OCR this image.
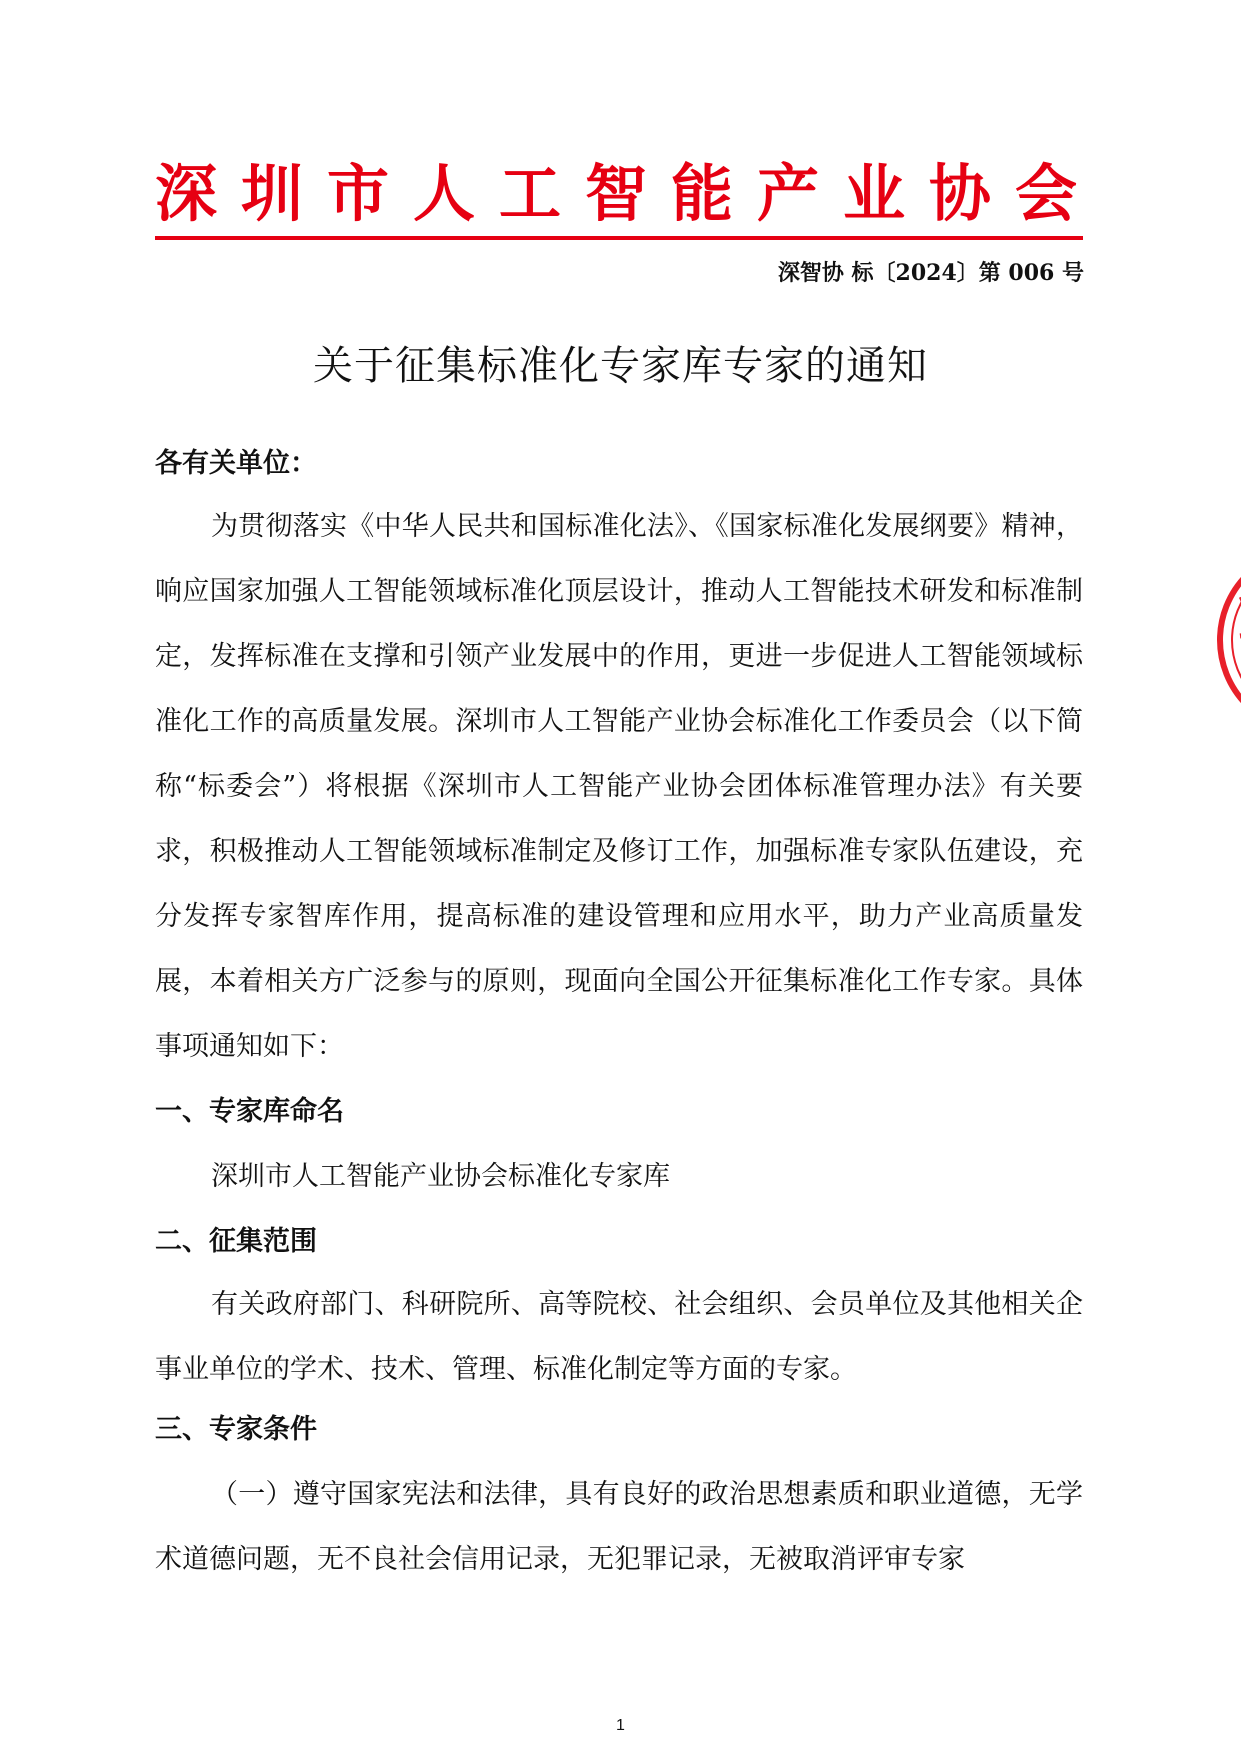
深圳市人工智能产业协会
深智协 标〔2024〕第 006 号
关于征集标准化专家库专家的通知
各有关单位：
为贯彻落实《中华人民共和国标准化法》、《国家标准化发展纲要》精神，响应国家加强人工智能领域标准化顶层设计，推动人工智能技术研发和标准制定，发挥标准在支撑和引领产业发展中的作用，更进一步促进人工智能领域标准化工作的高质量发展。深圳市人工智能产业协会标准化工作委员会（以下简称“标委会”）将根据《深圳市人工智能产业协会团体标准管理办法》有关要求，积极推动人工智能领域标准制定及修订工作，加强标准专家队伍建设，充分发挥专家智库作用，提高标准的建设管理和应用水平，助力产业高质量发展，本着相关方广泛参与的原则，现面向全国公开征集标准化工作专家。具体事项通知如下：
一、专家库命名
深圳市人工智能产业协会标准化专家库
二、征集范围
有关政府部门、科研院所、高等院校、社会组织、会员单位及其他相关企事业单位的学术、技术、管理、标准化制定等方面的专家。
三、专家条件
（一）遵守国家宪法和法律，具有良好的政治思想素质和职业道德，无学术道德问题，无不良社会信用记录，无犯罪记录，无被取消评审专家
1
